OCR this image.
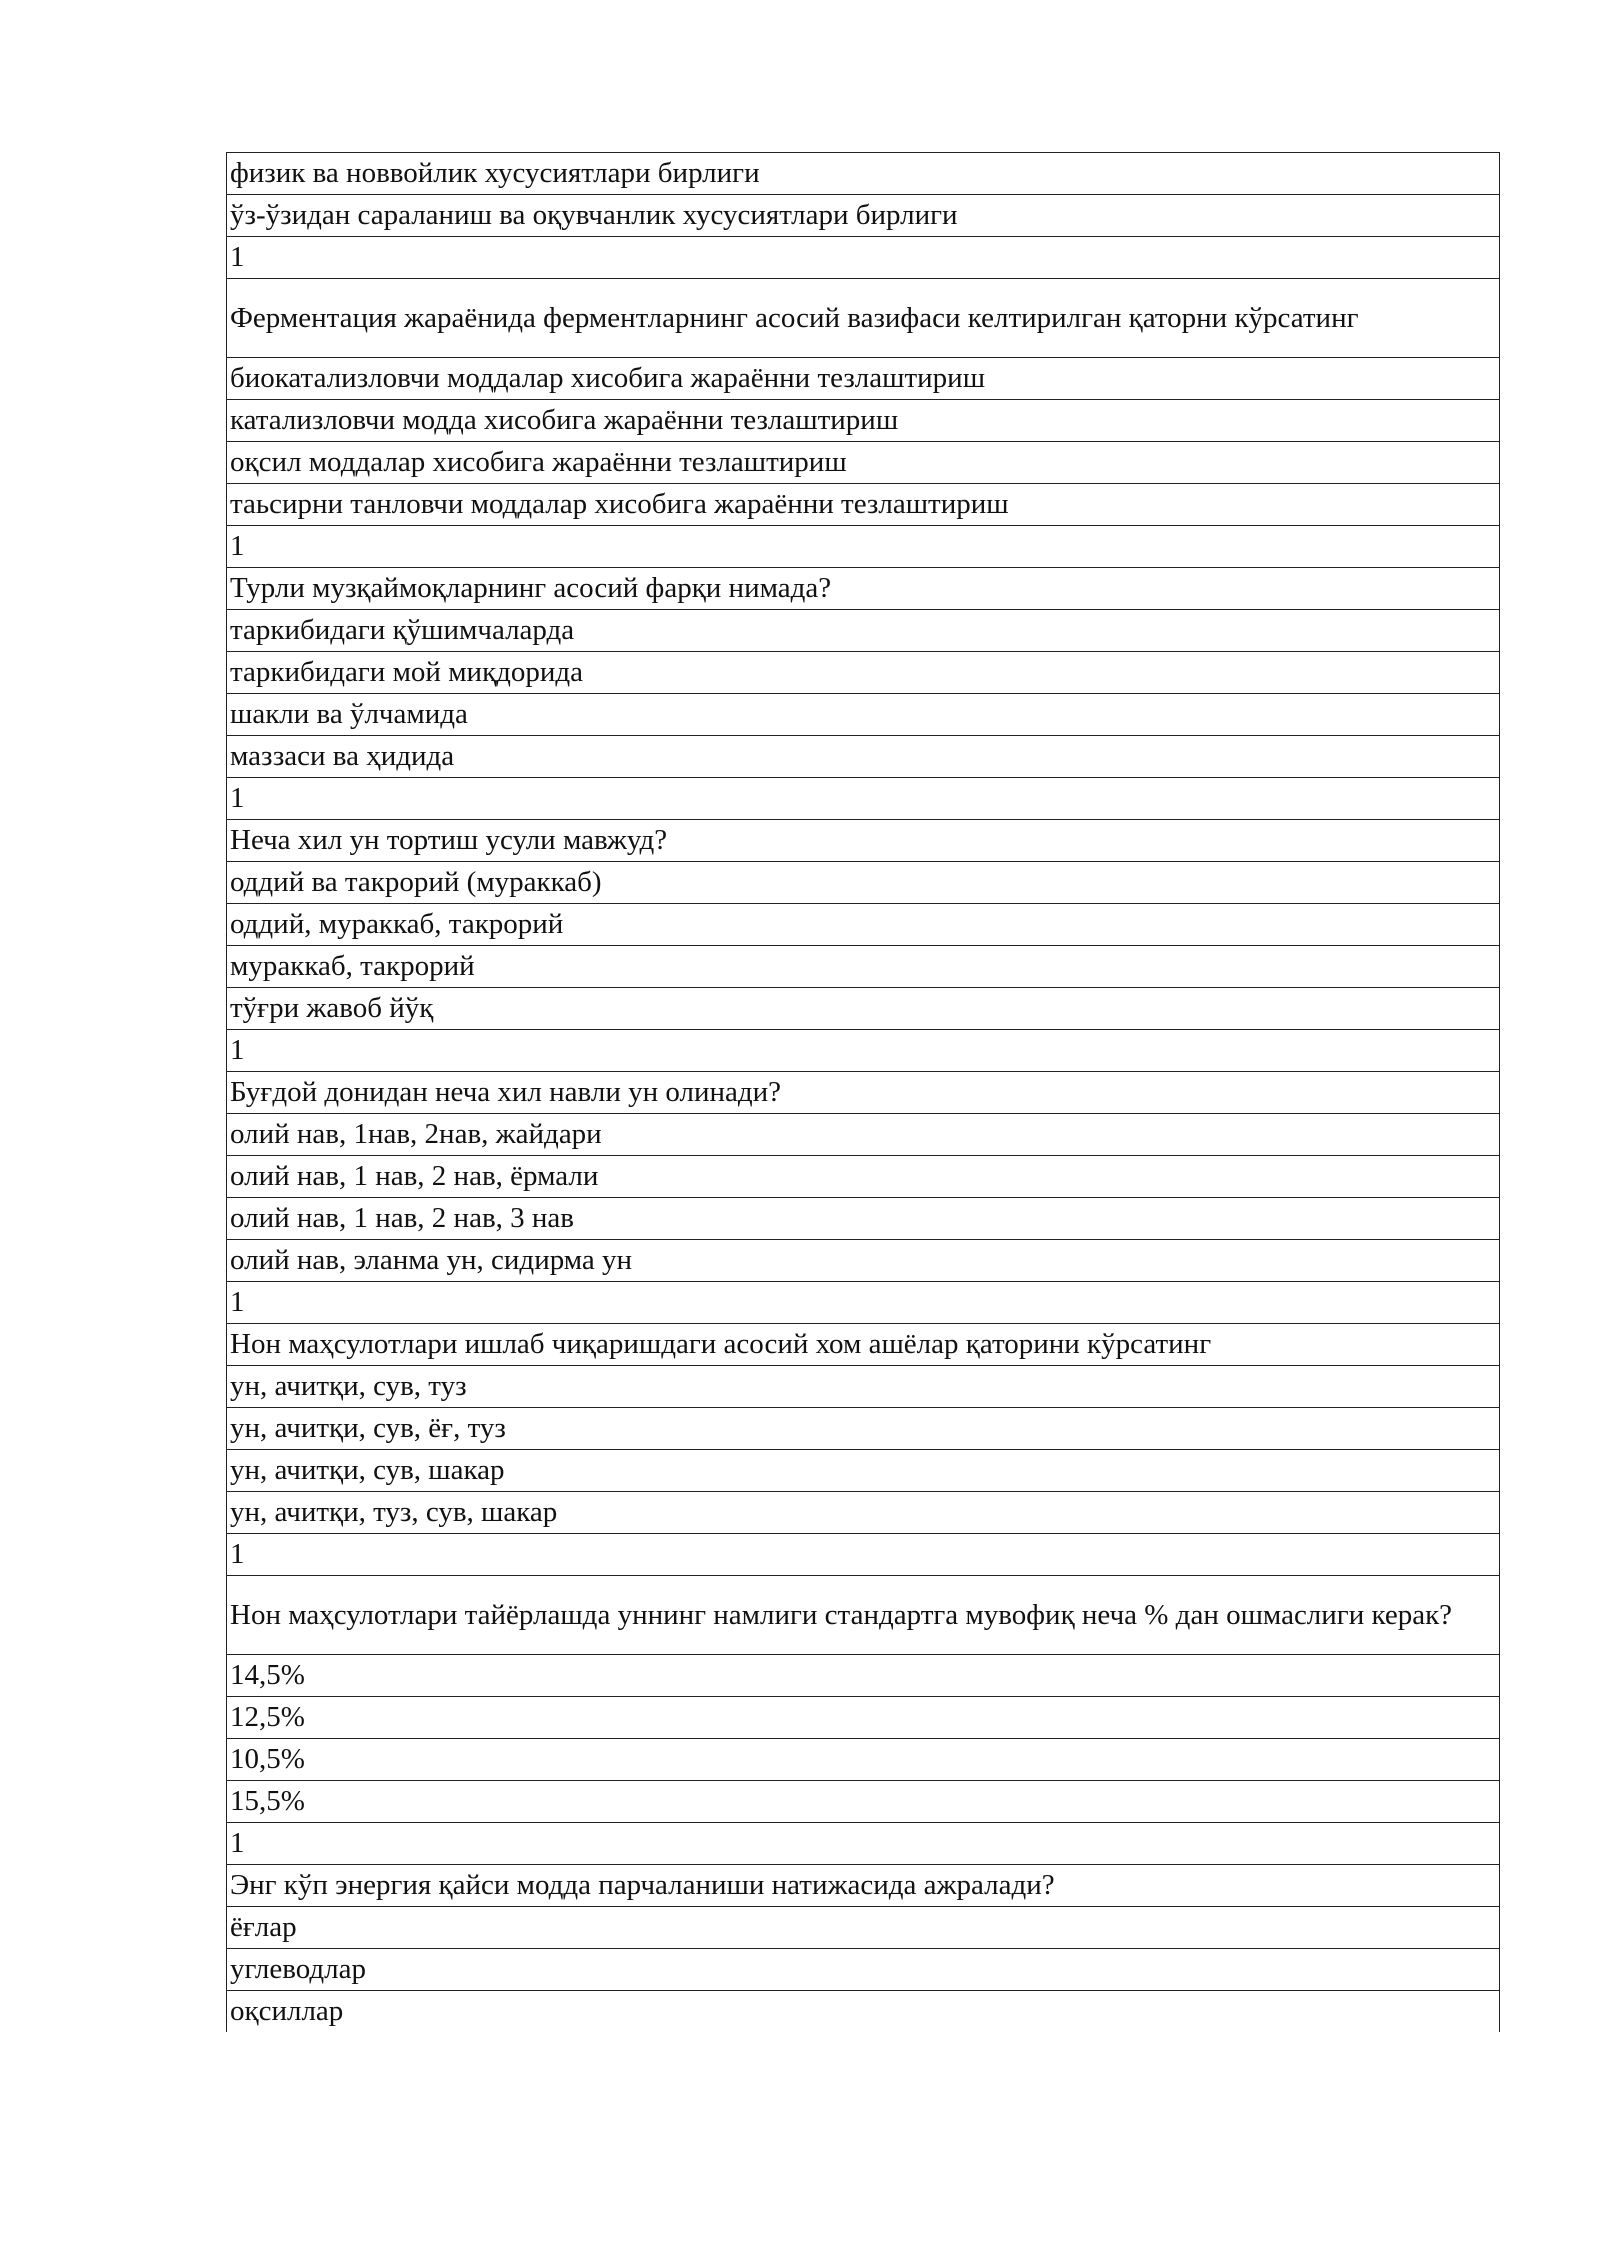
физик ва новвойлик хусусиятлари бирлиги
ўз-ўзидан сараланиш ва оқувчанлик хусусиятлари бирлиги
1
Ферментация жараёнида ферментларнинг асосий вазифаси келтирилган қаторни кўрсатинг
биокатализловчи моддалар хисобига жараённи тезлаштириш
катализловчи модда хисобига жараённи тезлаштириш
оқсил моддалар хисобига жараённи тезлаштириш
таьсирни танловчи моддалар хисобига жараённи тезлаштириш
1
Турли музқаймоқларнинг асосий фарқи нимада?
таркибидаги қўшимчаларда
таркибидаги мой миқдорида
шакли ва ўлчамида
маззаси ва ҳидида
1
Неча хил ун тортиш усули мавжуд?
оддий ва такрорий (мураккаб)
оддий, мураккаб, такрорий
мураккаб, такрорий
тўғри жавоб йўқ
1
Буғдой донидан неча хил навли ун олинади?
олий нав, 1нав, 2нав, жайдари
олий нав, 1 нав, 2 нав, ёрмали
олий нав, 1 нав, 2 нав, 3 нав
олий нав, эланма ун, сидирма ун
1
Нон маҳсулотлари ишлаб чиқаришдаги асосий хом ашёлар қаторини кўрсатинг
ун, ачитқи, сув, туз
ун, ачитқи, сув, ёғ, туз
ун, ачитқи, сув, шакар
ун, ачитқи, туз, сув, шакар
1
Нон маҳсулотлари тайёрлашда уннинг намлиги стандартга мувофиқ неча % дан ошмаслиги керак?
14,5%
12,5%
10,5%
15,5%
1
Энг кўп энергия қайси модда парчаланиши натижасида ажралади?
ёғлар
углеводлар
оқсиллар
